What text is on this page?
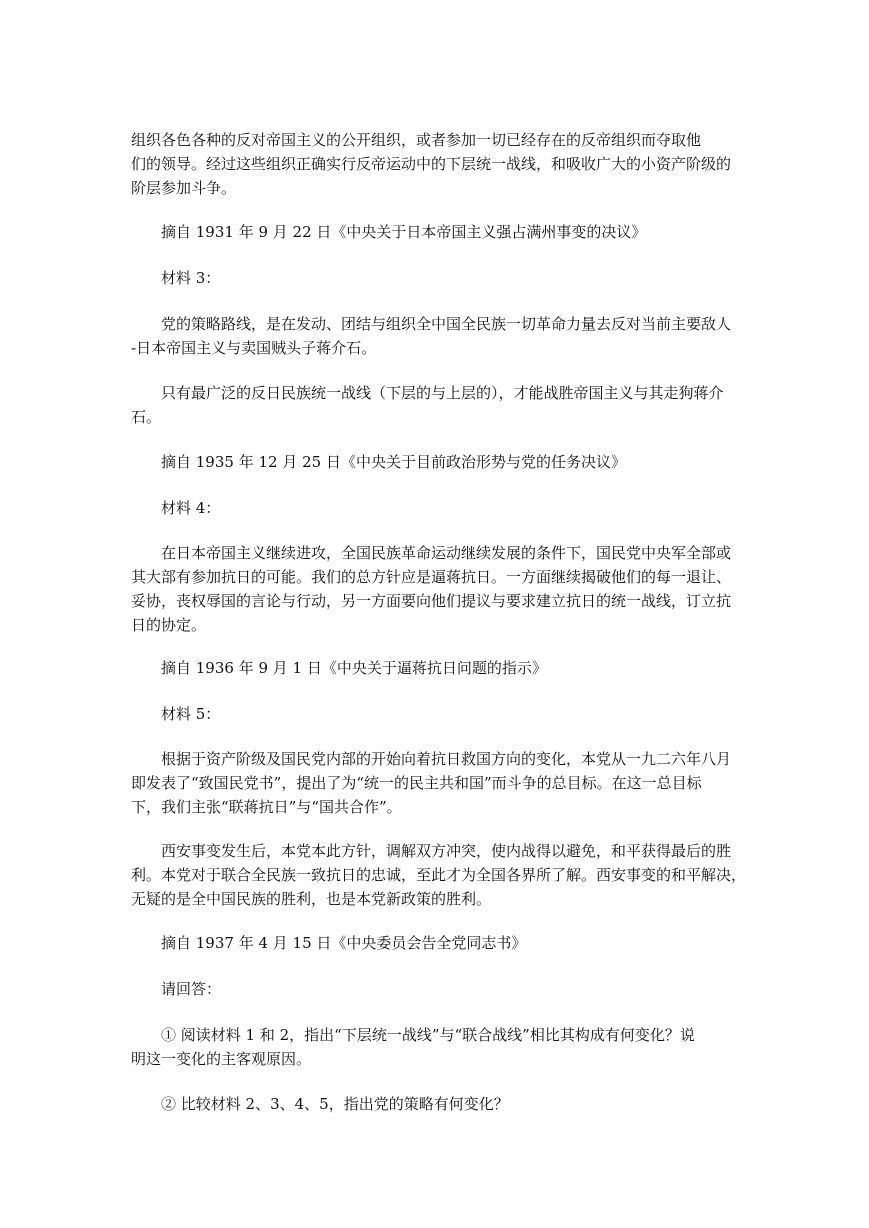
组织各色各种的反对帝国主义的公开组织，或者参加一切已经存在的反帝组织而夺取他
们的领导。经过这些组织正确实行反帝运动中的下层统一战线，和吸收广大的小资产阶级的
阶层参加斗争。
摘自 1931 年 9 月 22 日《中央关于日本帝国主义强占满州事变的决议》
材料 3：
党的策略路线，是在发动、团结与组织全中国全民族一切革命力量去反对当前主要敌人
-日本帝国主义与卖国贼头子蒋介石。
只有最广泛的反日民族统一战线（下层的与上层的），才能战胜帝国主义与其走狗蒋介
石。
摘自 1935 年 12 月 25 日《中央关于目前政治形势与党的任务决议》
材料 4：
在日本帝国主义继续进攻，全国民族革命运动继续发展的条件下，国民党中央军全部或
其大部有参加抗日的可能。我们的总方针应是逼蒋抗日。一方面继续揭破他们的每一退让、
妥协，丧权辱国的言论与行动，另一方面要向他们提议与要求建立抗日的统一战线，订立抗
日的协定。
摘自 1936 年 9 月 1 日《中央关于逼蒋抗日问题的指示》
材料 5：
根据于资产阶级及国民党内部的开始向着抗日救国方向的变化，本党从一九二六年八月
即发表了“致国民党书”，提出了为“统一的民主共和国”而斗争的总目标。在这一总目标
下，我们主张“联蒋抗日”与“国共合作”。
西安事变发生后，本党本此方针，调解双方冲突，使内战得以避免，和平获得最后的胜
利。本党对于联合全民族一致抗日的忠诚，至此才为全国各界所了解。西安事变的和平解决，
无疑的是全中国民族的胜利，也是本党新政策的胜利。
摘自 1937 年 4 月 15 日《中央委员会告全党同志书》
请回答：
① 阅读材料 1 和 2，指出“下层统一战线”与“联合战线”相比其构成有何变化？说
明这一变化的主客观原因。
② 比较材料 2、3、4、5，指出党的策略有何变化？
